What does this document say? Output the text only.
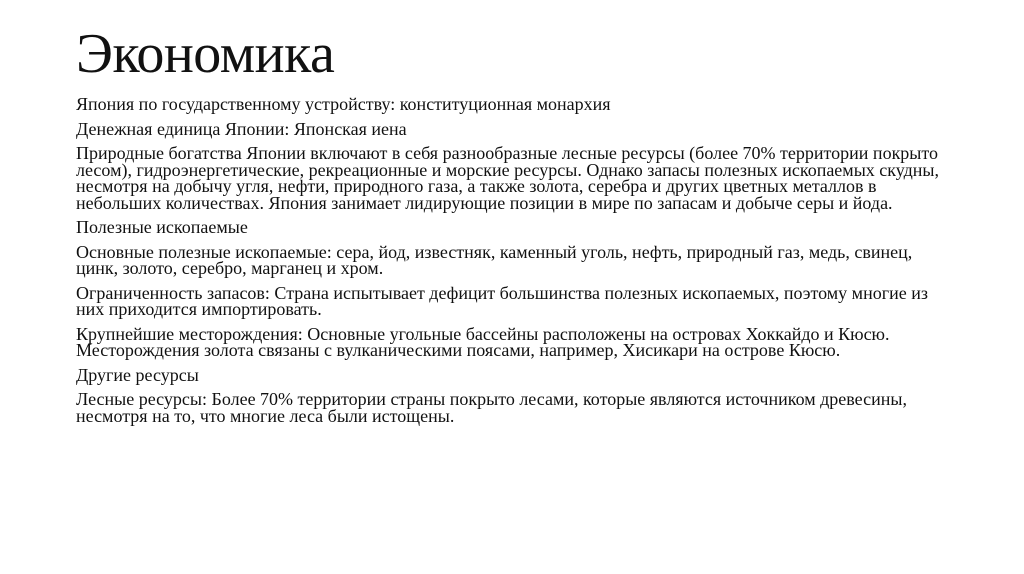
Экономика

Япония по государственному устройству: конституционная монархия

Денежная единица Японии: Японская иена

Природные богатства Японии включают в себя разнообразные лесные ресурсы (более 70% территории покрыто лесом), гидроэнергетические, рекреационные и морские ресурсы. Однако запасы полезных ископаемых скудны, несмотря на добычу угля, нефти, природного газа, а также золота, серебра и других цветных металлов в небольших количествах. Япония занимает лидирующие позиции в мире по запасам и добыче серы и йода.

Полезные ископаемые

Основные полезные ископаемые: сера, йод, известняк, каменный уголь, нефть, природный газ, медь, свинец, цинк, золото, серебро, марганец и хром.

Ограниченность запасов: Страна испытывает дефицит большинства полезных ископаемых, поэтому многие из них приходится импортировать.

Крупнейшие месторождения: Основные угольные бассейны расположены на островах Хоккайдо и Кюсю. Месторождения золота связаны с вулканическими поясами, например, Хисикари на острове Кюсю.

Другие ресурсы

Лесные ресурсы: Более 70% территории страны покрыто лесами, которые являются источником древесины, несмотря на то, что многие леса были истощены.
